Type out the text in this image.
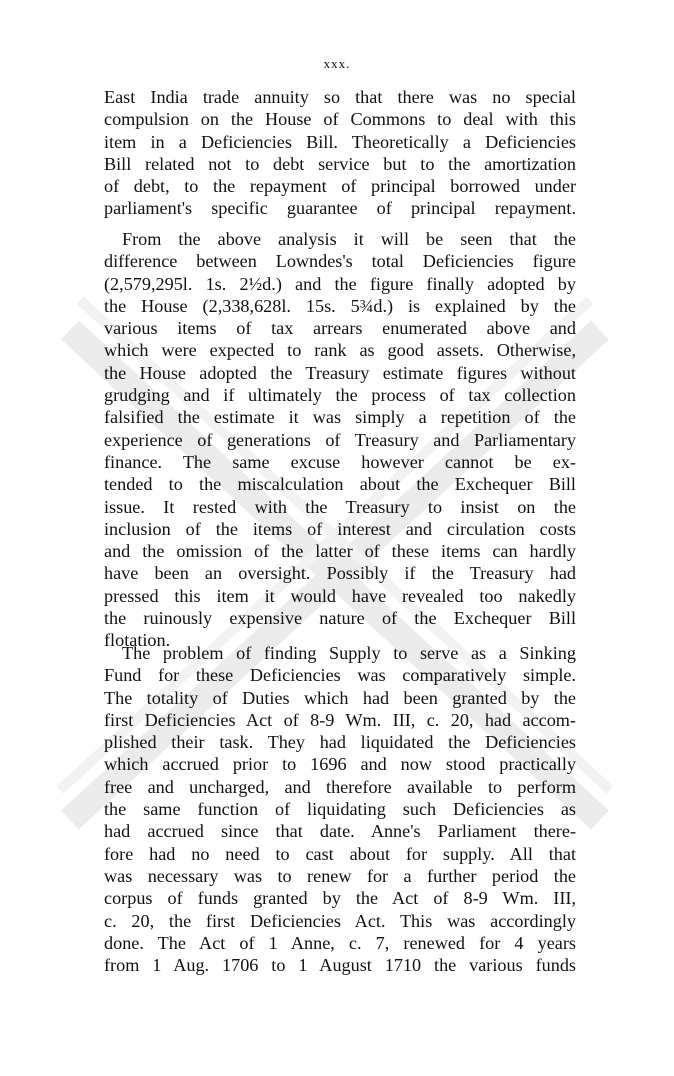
xxx.
East India trade annuity so that there was no special
compulsion on the House of Commons to deal with this
item in a Deficiencies Bill. Theoretically a Deficiencies
Bill related not to debt service but to the amortization
of debt, to the repayment of principal borrowed under
parliament's specific guarantee of principal repayment.
From the above analysis it will be seen that the
difference between Lowndes's total Deficiencies figure
(2,579,295l. 1s. 2½d.) and the figure finally adopted by
the House (2,338,628l. 15s. 5¾d.) is explained by the
various items of tax arrears enumerated above and
which were expected to rank as good assets. Otherwise,
the House adopted the Treasury estimate figures without
grudging and if ultimately the process of tax collection
falsified the estimate it was simply a repetition of the
experience of generations of Treasury and Parliamentary
finance. The same excuse however cannot be ex-
tended to the miscalculation about the Exchequer Bill
issue. It rested with the Treasury to insist on the
inclusion of the items of interest and circulation costs
and the omission of the latter of these items can hardly
have been an oversight. Possibly if the Treasury had
pressed this item it would have revealed too nakedly
the ruinously expensive nature of the Exchequer Bill
flotation.
The problem of finding Supply to serve as a Sinking
Fund for these Deficiencies was comparatively simple.
The totality of Duties which had been granted by the
first Deficiencies Act of 8-9 Wm. III, c. 20, had accom-
plished their task. They had liquidated the Deficiencies
which accrued prior to 1696 and now stood practically
free and uncharged, and therefore available to perform
the same function of liquidating such Deficiencies as
had accrued since that date. Anne's Parliament there-
fore had no need to cast about for supply. All that
was necessary was to renew for a further period the
corpus of funds granted by the Act of 8-9 Wm. III,
c. 20, the first Deficiencies Act. This was accordingly
done. The Act of 1 Anne, c. 7, renewed for 4 years
from 1 Aug. 1706 to 1 August 1710 the various funds
